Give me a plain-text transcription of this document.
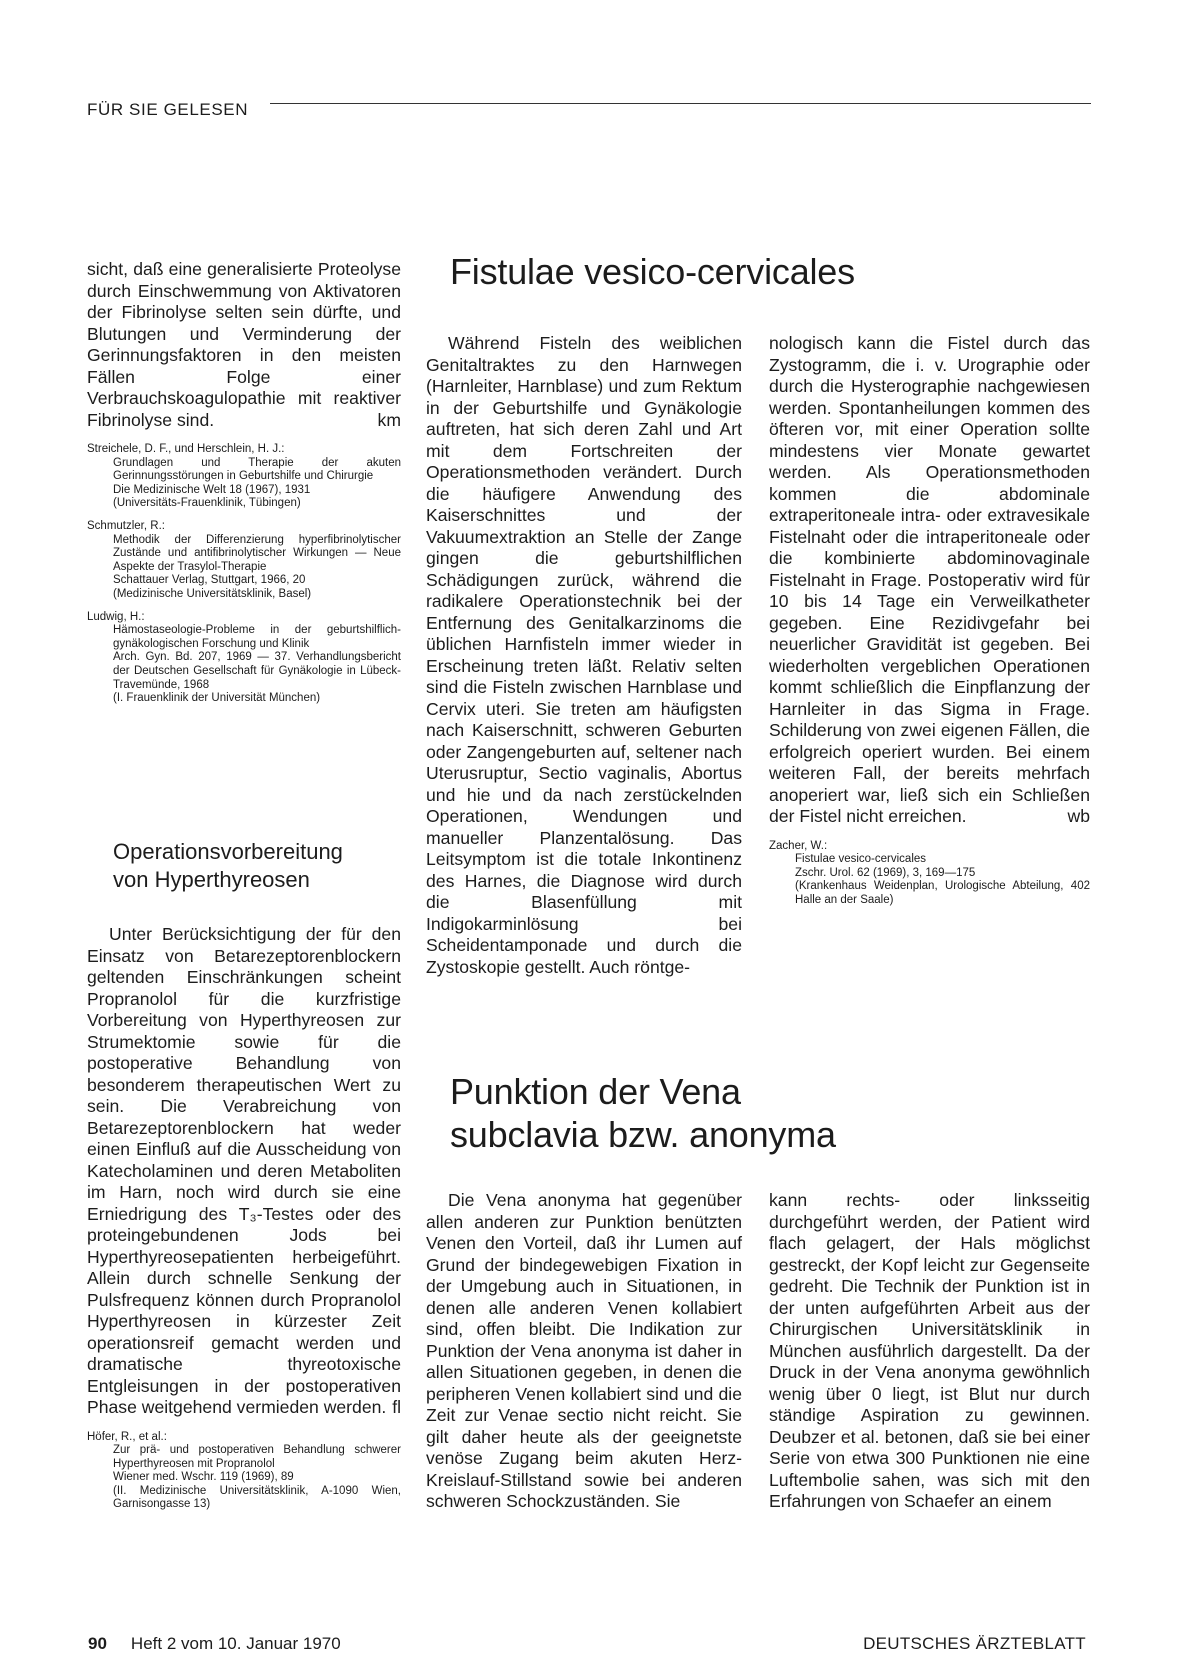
FÜR SIE GELESEN

sicht, daß eine generalisierte Proteolyse durch Einschwemmung von Aktivatoren der Fibrinolyse selten sein dürfte, und Blutungen und Verminderung der Gerinnungsfaktoren in den meisten Fällen Folge einer Verbrauchskoagulopathie mit reaktiver Fibrinolyse sind.	km

Streichele, D. F., und Herschlein, H. J.:

Grundlagen und Therapie der akuten Gerinnungsstörungen in Geburtshilfe und Chirurgie
Die Medizinische Welt 18 (1967), 1931
(Universitäts-Frauenklinik, Tübingen)

Schmutzler, R.:

Methodik der Differenzierung hyperfibrinolytischer Zustände und antifibrinolytischer Wirkungen — Neue Aspekte der Trasylol-Therapie
Schattauer Verlag, Stuttgart, 1966, 20
(Medizinische Universitätsklinik, Basel)

Ludwig, H.:

Hämostaseologie-Probleme in der geburtshilflich-gynäkologischen Forschung und Klinik
Arch. Gyn. Bd. 207, 1969 — 37. Verhandlungsbericht der Deutschen Gesellschaft für Gynäkologie in Lübeck-Travemünde, 1968
(I. Frauenklinik der Universität München)
Operationsvorbereitung
von Hyperthyreosen

Unter Berücksichtigung der für den Einsatz von Betarezeptorenblockern geltenden Einschränkungen scheint Propranolol für die kurzfristige Vorbereitung von Hyperthyreosen zur Strumektomie sowie für die postoperative Behandlung von besonderem therapeutischen Wert zu sein. Die Verabreichung von Betarezeptorenblockern hat weder einen Einfluß auf die Ausscheidung von Katecholaminen und deren Metaboliten im Harn, noch wird durch sie eine Erniedrigung des T₃-Testes oder des proteingebundenen Jods bei Hyperthyreosepatienten herbeigeführt. Allein durch schnelle Senkung der Pulsfrequenz können durch Propranolol Hyperthyreosen in kürzester Zeit operationsreif gemacht werden und dramatische thyreotoxische Entgleisungen in der postoperativen Phase weitgehend vermieden werden. fl

Höfer, R., et al.:

Zur prä- und postoperativen Behandlung schwerer Hyperthyreosen mit Propranolol
Wiener med. Wschr. 119 (1969), 89
(II. Medizinische Universitätsklinik, A-1090 Wien, Garnisongasse 13)
Fistulae vesico-cervicales

Während Fisteln des weiblichen Genitaltraktes zu den Harnwegen (Harnleiter, Harnblase) und zum Rektum in der Geburtshilfe und Gynäkologie auftreten, hat sich deren Zahl und Art mit dem Fortschreiten der Operationsmethoden verändert. Durch die häufigere Anwendung des Kaiserschnittes und der Vakuumextraktion an Stelle der Zange gingen die geburtshilflichen Schädigungen zurück, während die radikalere Operationstechnik bei der Entfernung des Genitalkarzinoms die üblichen Harnfisteln immer wieder in Erscheinung treten läßt. Relativ selten sind die Fisteln zwischen Harnblase und Cervix uteri. Sie treten am häufigsten nach Kaiserschnitt, schweren Geburten oder Zangengeburten auf, seltener nach Uterusruptur, Sectio vaginalis, Abortus und hie und da nach zerstückelnden Operationen, Wendungen und manueller Planzentalösung. Das Leitsymptom ist die totale Inkontinenz des Harnes, die Diagnose wird durch die Blasenfüllung mit Indigokarminlösung bei Scheidentamponade und durch die Zystoskopie gestellt. Auch röntge-

nologisch kann die Fistel durch das Zystogramm, die i. v. Urographie oder durch die Hysterographie nachgewiesen werden. Spontanheilungen kommen des öfteren vor, mit einer Operation sollte mindestens vier Monate gewartet werden. Als Operationsmethoden kommen die abdominale extraperitoneale intra- oder extravesikale Fistelnaht oder die intraperitoneale oder die kombinierte abdominovaginale Fistelnaht in Frage. Postoperativ wird für 10 bis 14 Tage ein Verweilkatheter gegeben. Eine Rezidivgefahr bei neuerlicher Gravidität ist gegeben. Bei wiederholten vergeblichen Operationen kommt schließlich die Einpflanzung der Harnleiter in das Sigma in Frage. Schilderung von zwei eigenen Fällen, die erfolgreich operiert wurden. Bei einem weiteren Fall, der bereits mehrfach anoperiert war, ließ sich ein Schließen der Fistel nicht erreichen.	wb

Zacher, W.:

Fistulae vesico-cervicales
Zschr. Urol. 62 (1969), 3, 169—175
(Krankenhaus Weidenplan, Urologische Abteilung, 402 Halle an der Saale)
Punktion der Vena
subclavia bzw. anonyma

Die Vena anonyma hat gegenüber allen anderen zur Punktion benützten Venen den Vorteil, daß ihr Lumen auf Grund der bindegewebigen Fixation in der Umgebung auch in Situationen, in denen alle anderen Venen kollabiert sind, offen bleibt. Die Indikation zur Punktion der Vena anonyma ist daher in allen Situationen gegeben, in denen die peripheren Venen kollabiert sind und die Zeit zur Venae sectio nicht reicht. Sie gilt daher heute als der geeignetste venöse Zugang beim akuten Herz-Kreislauf-Stillstand sowie bei anderen schweren Schockzuständen. Sie

kann rechts- oder linksseitig durchgeführt werden, der Patient wird flach gelagert, der Hals möglichst gestreckt, der Kopf leicht zur Gegenseite gedreht. Die Technik der Punktion ist in der unten aufgeführten Arbeit aus der Chirurgischen Universitätsklinik in München ausführlich dargestellt. Da der Druck in der Vena anonyma gewöhnlich wenig über 0 liegt, ist Blut nur durch ständige Aspiration zu gewinnen. Deubzer et al. betonen, daß sie bei einer Serie von etwa 300 Punktionen nie eine Luftembolie sahen, was sich mit den Erfahrungen von Schaefer an einem

90 Heft 2 vom 10. Januar 1970	DEUTSCHES ÄRZTEBLATT
